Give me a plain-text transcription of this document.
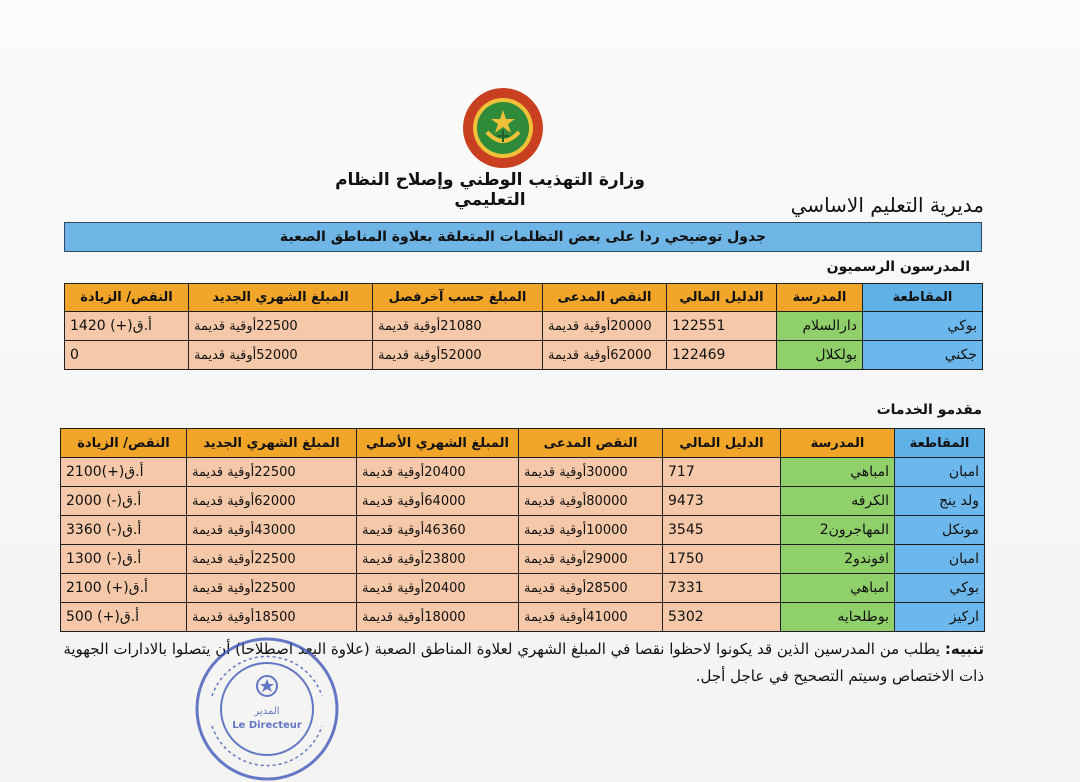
وزارة التهذيب الوطني وإصلاح النظام التعليمي	مديرية التعليم الاساسي
جدول توضيحي ردا على بعض التظلمات المتعلقة بعلاوة المناطق الصعبة
المدرسون الرسميون
المقاطعة	المدرسة	الدليل المالي	النقص المدعى	المبلغ حسب آخرفصل	المبلغ الشهري الجديد	النقص/ الزيادة
بوكي	دارالسلام	122551	20000أوقية قديمة	21080أوقية قديمة	22500أوقية قديمة	أ.ق(+) 1420
جكني	بولكلال	122469	62000أوقية قديمة	52000أوقية قديمة	52000أوقية قديمة	0
مقدمو الخدمات
المقاطعة	المدرسة	الدليل المالي	النقص المدعى	المبلغ الشهري الأصلي	المبلغ الشهري الجديد	النقص/ الزيادة
امبان	امباهي	717	30000أوقية قديمة	20400أوقية قديمة	22500أوقية قديمة	أ.ق(+)2100
ولد ينج	الكرفه	9473	80000أوقية قديمة	64000أوقية قديمة	62000أوقية قديمة	أ.ق(-) 2000
مونكل	المهاجرون2	3545	10000أوقية قديمة	46360أوقية قديمة	43000أوقية قديمة	أ.ق(-) 3360
امبان	افوندو2	1750	29000أوقية قديمة	23800أوقية قديمة	22500أوقية قديمة	أ.ق(-) 1300
بوكي	امباهي	7331	28500أوقية قديمة	20400أوقية قديمة	22500أوقية قديمة	أ.ق(+) 2100
اركيز	بوطلحايه	5302	41000أوقية قديمة	18000أوقية قديمة	18500أوقية قديمة	أ.ق(+) 500
تنبيه: يطلب من المدرسين الذين قد يكونوا لاحظوا نقصا في المبلغ الشهري لعلاوة المناطق الصعبة (علاوة البعد اصطلاحا) أن يتصلوا بالادارات الجهوية ذات الاختصاص وسيتم التصحيح في عاجل أجل.
المدير
Le Directeur
